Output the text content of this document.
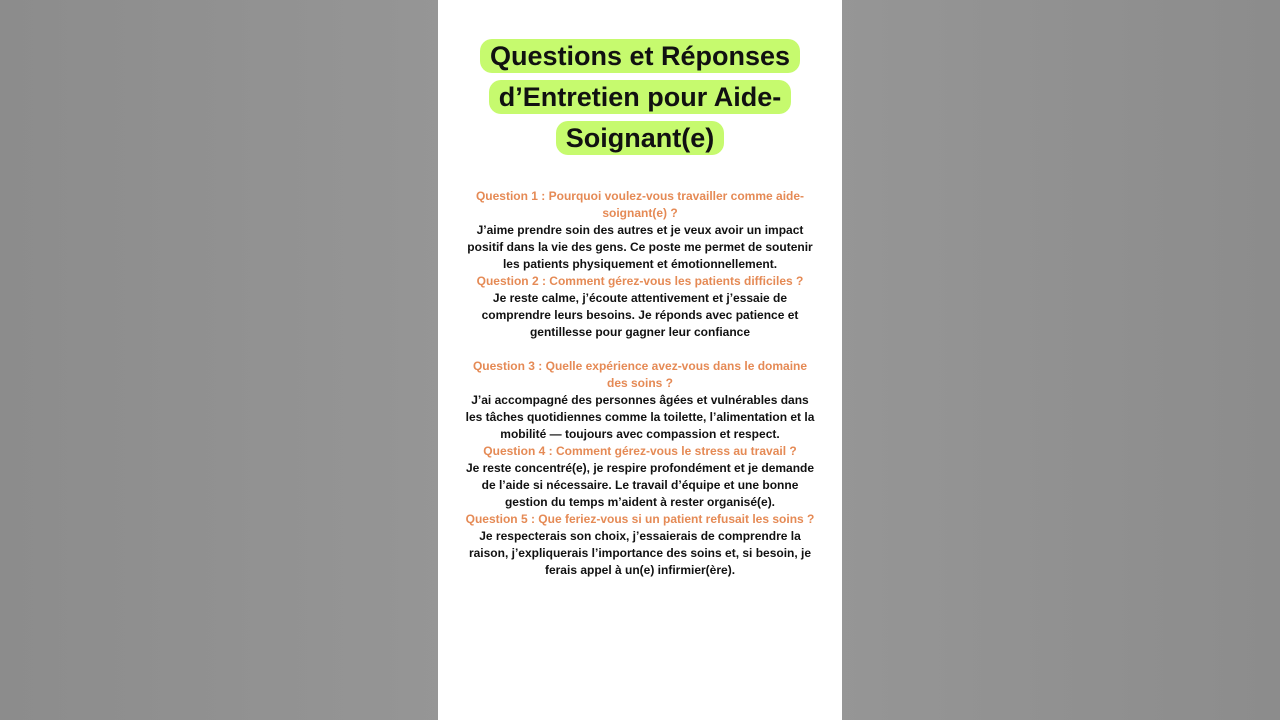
Questions et Réponses d’Entretien pour Aide-Soignant(e)

Question 1 : Pourquoi voulez-vous travailler comme aide-soignant(e) ?

J’aime prendre soin des autres et je veux avoir un impact positif dans la vie des gens. Ce poste me permet de soutenir les patients physiquement et émotionnellement.

Question 2 : Comment gérez-vous les patients difficiles ?

Je reste calme, j’écoute attentivement et j’essaie de comprendre leurs besoins. Je réponds avec patience et gentillesse pour gagner leur confiance

Question 3 : Quelle expérience avez-vous dans le domaine des soins ?

J’ai accompagné des personnes âgées et vulnérables dans les tâches quotidiennes comme la toilette, l’alimentation et la mobilité — toujours avec compassion et respect.

Question 4 : Comment gérez-vous le stress au travail ?

Je reste concentré(e), je respire profondément et je demande de l’aide si nécessaire. Le travail d’équipe et une bonne gestion du temps m’aident à rester organisé(e).

Question 5 : Que feriez-vous si un patient refusait les soins ?

Je respecterais son choix, j’essaierais de comprendre la raison, j’expliquerais l’importance des soins et, si besoin, je ferais appel à un(e) infirmier(ère).
